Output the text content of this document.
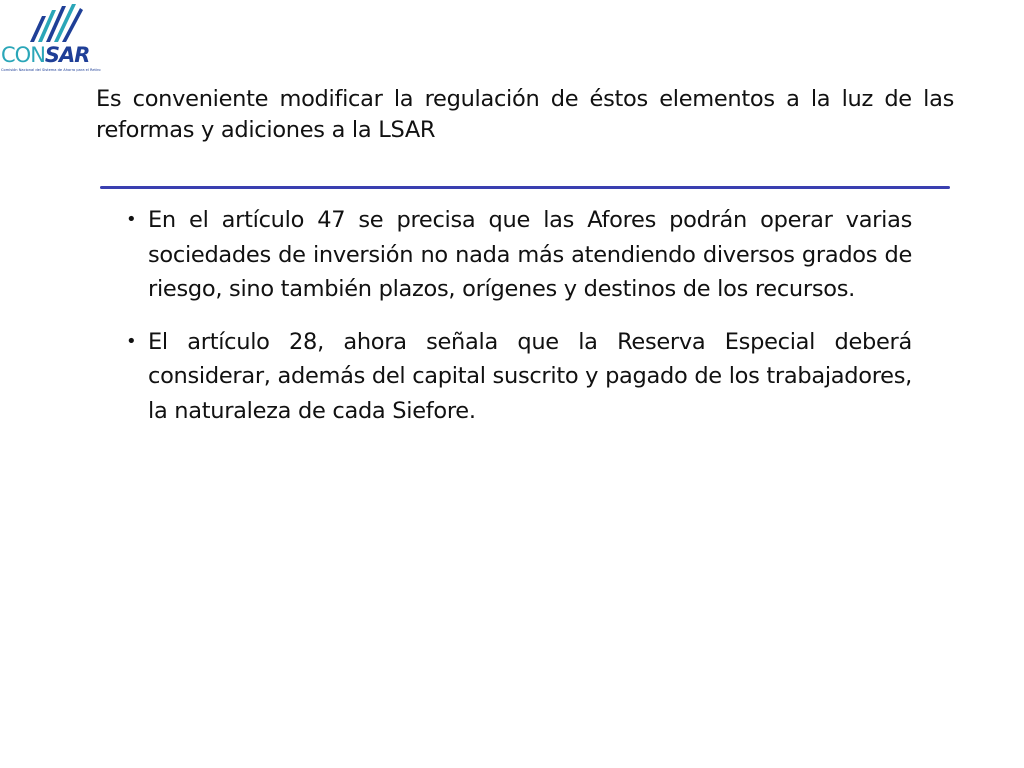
CONSAR
Comisión Nacional del Sistema de Ahorro para el Retiro
Es conveniente modificar la regulación de éstos elementos a la luz de las reformas y adiciones a la LSAR
• En el artículo 47 se precisa que las Afores podrán operar varias sociedades de inversión no nada más atendiendo diversos grados de riesgo, sino también plazos, orígenes y destinos de los recursos.
• El artículo 28, ahora señala que la Reserva Especial deberá considerar, además del capital suscrito y pagado de los trabajadores, la naturaleza de cada Siefore.
